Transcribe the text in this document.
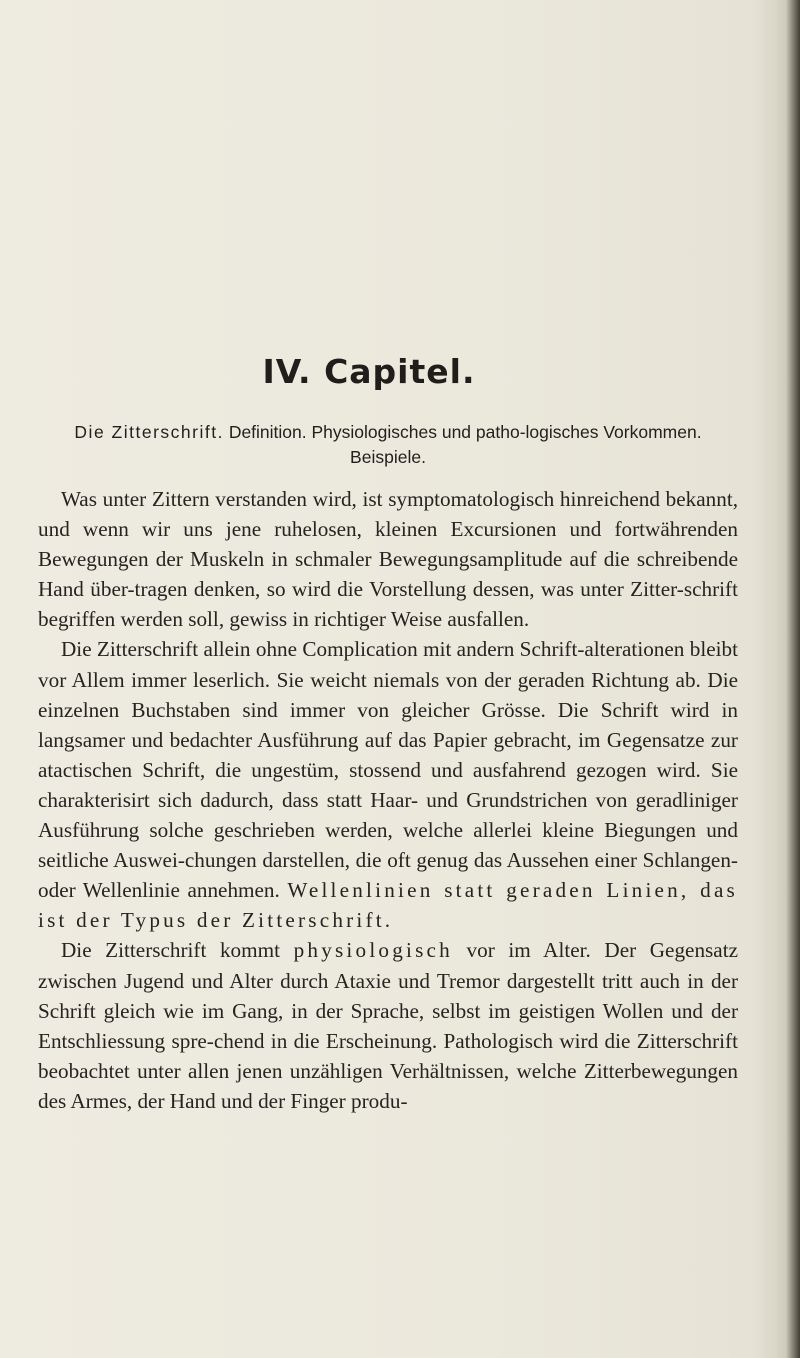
IV. Capitel.
Die Zitterschrift. Definition. Physiologisches und patho-logisches Vorkommen. Beispiele.

Was unter Zittern verstanden wird, ist symptomatologisch hinreichend bekannt, und wenn wir uns jene ruhelosen, kleinen Excursionen und fortwährenden Bewegungen der Muskeln in schmaler Bewegungsamplitude auf die schreibende Hand über-tragen denken, so wird die Vorstellung dessen, was unter Zitter-schrift begriffen werden soll, gewiss in richtiger Weise ausfallen.

Die Zitterschrift allein ohne Complication mit andern Schrift-alterationen bleibt vor Allem immer leserlich. Sie weicht niemals von der geraden Richtung ab. Die einzelnen Buchstaben sind immer von gleicher Grösse. Die Schrift wird in langsamer und bedachter Ausführung auf das Papier gebracht, im Gegensatze zur atactischen Schrift, die ungestüm, stossend und ausfahrend gezogen wird. Sie charakterisirt sich dadurch, dass statt Haar- und Grundstrichen von geradliniger Ausführung solche geschrieben werden, welche allerlei kleine Biegungen und seitliche Auswei-chungen darstellen, die oft genug das Aussehen einer Schlangen- oder Wellenlinie annehmen. Wellenlinien statt geraden Linien, das ist der Typus der Zitterschrift.

Die Zitterschrift kommt physiologisch vor im Alter. Der Gegensatz zwischen Jugend und Alter durch Ataxie und Tremor dargestellt tritt auch in der Schrift gleich wie im Gang, in der Sprache, selbst im geistigen Wollen und der Entschliessung spre-chend in die Erscheinung. Pathologisch wird die Zitterschrift beobachtet unter allen jenen unzähligen Verhältnissen, welche Zitterbewegungen des Armes, der Hand und der Finger produ-
